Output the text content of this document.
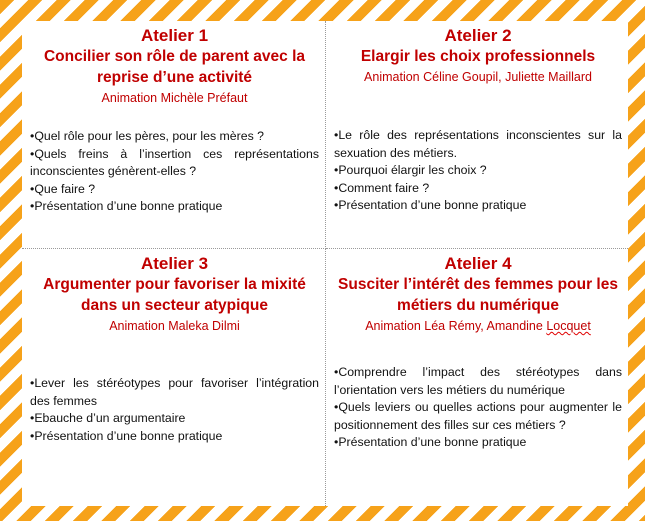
Atelier 1
Concilier son rôle de parent avec la reprise d’une activité
Animation Michèle Préfaut
• Quel rôle pour les pères, pour les mères ?
• Quels freins à l’insertion ces représentations inconscientes génèrent-elles ?
• Que faire ?
• Présentation d’une bonne pratique
Atelier 2
Elargir les choix professionnels
Animation Céline Goupil, Juliette Maillard
• Le rôle des représentations inconscientes sur la sexuation des métiers.
• Pourquoi élargir les choix ?
• Comment faire ?
• Présentation d’une bonne pratique
Atelier 3
Argumenter pour favoriser la mixité dans un secteur atypique
Animation Maleka Dilmi
• Lever les stéréotypes pour favoriser l’intégration des femmes
• Ebauche d’un argumentaire
• Présentation d’une bonne pratique
Atelier 4
Susciter l’intérêt des femmes pour les métiers du numérique
Animation Léa Rémy, Amandine Locquet
• Comprendre l’impact des stéréotypes dans l’orientation vers les métiers du numérique
• Quels leviers ou quelles actions pour augmenter le positionnement des filles sur ces métiers ?
• Présentation d’une bonne pratique
